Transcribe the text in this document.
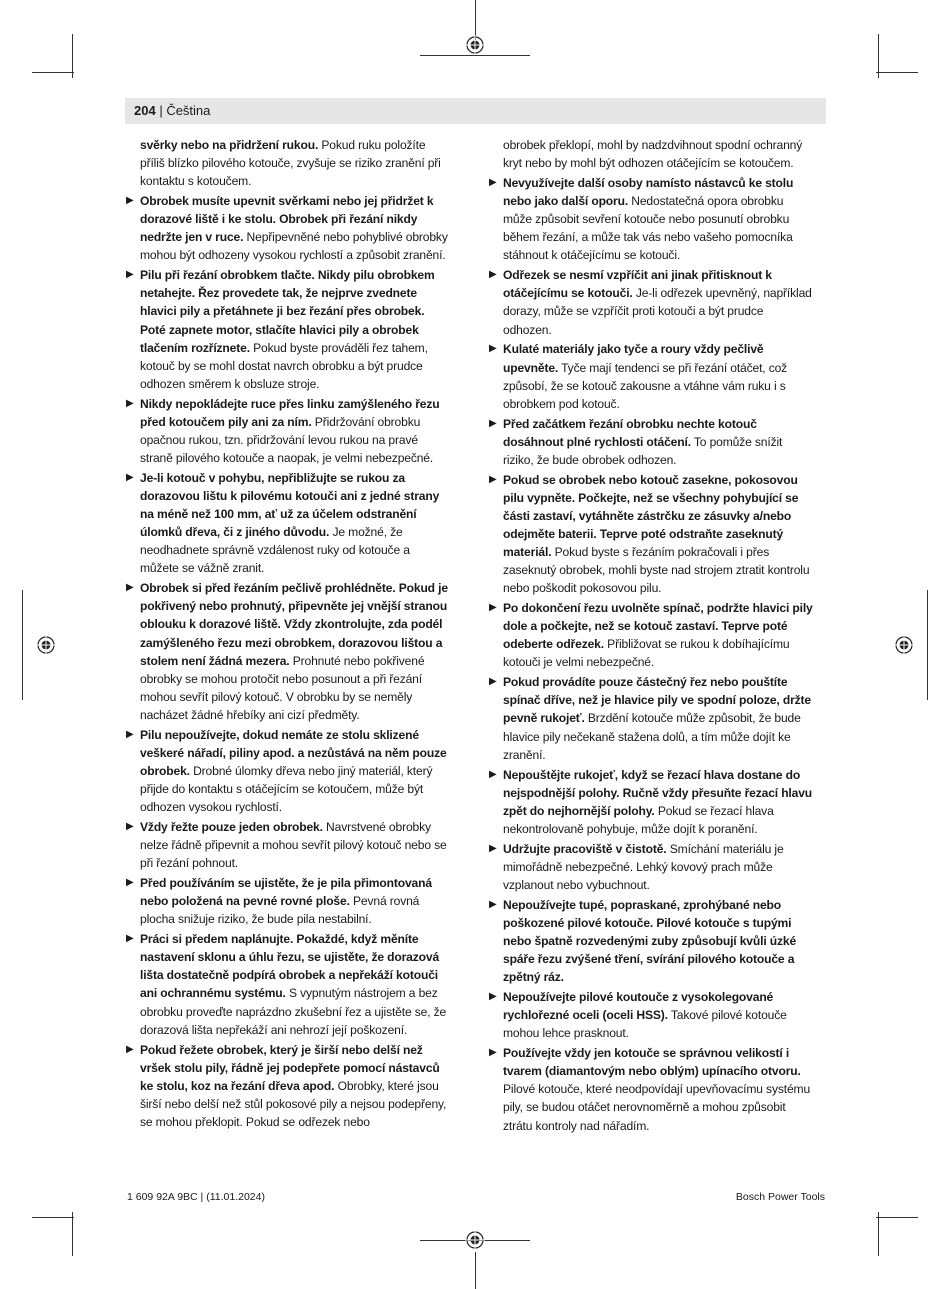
204 | Čeština
svěrky nebo na přidržení rukou. Pokud ruku položíte příliš blízko pilového kotouče, zvyšuje se riziko zranění při kontaktu s kotoučem.
▶ Obrobek musíte upevnit svěrkami nebo jej přidržet k dorazové liště i ke stolu. Obrobek při řezání nikdy nedržte jen v ruce. Nepřipevněné nebo pohyblivé obrobky mohou být odhozeny vysokou rychlostí a způsobit zranění.
▶ Pilu při řezání obrobkem tlačte. Nikdy pilu obrobkem netahejte. Řez provedete tak, že nejprve zvednete hlavici pily a přetáhnete ji bez řezání přes obrobek. Poté zapnete motor, stlačíte hlavici pily a obrobek tlačením rozříznete. Pokud byste prováděli řez tahem, kotouč by se mohl dostat navrch obrobku a být prudce odhozen směrem k obsluze stroje.
▶ Nikdy nepokládejte ruce přes linku zamýšleného řezu před kotoučem pily ani za ním. Přidržování obrobku opačnou rukou, tzn. přidržování levou rukou na pravé straně pilového kotouče a naopak, je velmi nebezpečné.
▶ Je-li kotouč v pohybu, nepřibližujte se rukou za dorazovou lištu k pilovému kotouči ani z jedné strany na méně než 100 mm, ať už za účelem odstranění úlomků dřeva, či z jiného důvodu. Je možné, že neodhadnete správně vzdálenost ruky od kotouče a můžete se vážně zranit.
▶ Obrobek si před řezáním pečlivě prohlédněte. Pokud je pokřivený nebo prohnutý, připevněte jej vnější stranou oblouku k dorazové liště. Vždy zkontrolujte, zda podél zamýšleného řezu mezi obrobkem, dorazovou lištou a stolem není žádná mezera. Prohnuté nebo pokřivené obrobky se mohou protočit nebo posunout a při řezání mohou sevřít pilový kotouč. V obrobku by se neměly nacházet žádné hřebíky ani cizí předměty.
▶ Pilu nepoužívejte, dokud nemáte ze stolu sklizené veškeré nářadí, piliny apod. a nezůstává na něm pouze obrobek. Drobné úlomky dřeva nebo jiný materiál, který přijde do kontaktu s otáčejícím se kotoučem, může být odhozen vysokou rychlostí.
▶ Vždy řežte pouze jeden obrobek. Navrstvené obrobky nelze řádně připevnit a mohou sevřít pilový kotouč nebo se při řezání pohnout.
▶ Před používáním se ujistěte, že je pila přimontovaná nebo položená na pevné rovné ploše. Pevná rovná plocha snižuje riziko, že bude pila nestabilní.
▶ Práci si předem naplánujte. Pokaždé, když měníte nastavení sklonu a úhlu řezu, se ujistěte, že dorazová lišta dostatečně podpírá obrobek a nepřekáží kotouči ani ochrannému systému. S vypnutým nástrojem a bez obrobku proveďte naprázdno zkušební řez a ujistěte se, že dorazová lišta nepřekáží ani nehrozí její poškození.
▶ Pokud řežete obrobek, který je širší nebo delší než vršek stolu pily, řádně jej podepřete pomocí nástavců ke stolu, koz na řezání dřeva apod. Obrobky, které jsou širší nebo delší než stůl pokosové pily a nejsou podepřeny, se mohou překlopit. Pokud se odřezek nebo
obrobek překlopí, mohl by nadzdvihnout spodní ochranný kryt nebo by mohl být odhozen otáčejícím se kotoučem.
▶ Nevyužívejte další osoby namísto nástavců ke stolu nebo jako další oporu. Nedostatečná opora obrobku může způsobit sevření kotouče nebo posunutí obrobku během řezání, a může tak vás nebo vašeho pomocníka stáhnout k otáčejícímu se kotouči.
▶ Odřezek se nesmí vzpříčit ani jinak přitisknout k otáčejícímu se kotouči. Je-li odřezek upevněný, například dorazy, může se vzpříčit proti kotouči a být prudce odhozen.
▶ Kulaté materiály jako tyče a roury vždy pečlivě upevněte. Tyče mají tendenci se při řezání otáčet, což způsobí, že se kotouč zakousne a vtáhne vám ruku i s obrobkem pod kotouč.
▶ Před začátkem řezání obrobku nechte kotouč dosáhnout plné rychlosti otáčení. To pomůže snížit riziko, že bude obrobek odhozen.
▶ Pokud se obrobek nebo kotouč zasekne, pokosovou pilu vypněte. Počkejte, než se všechny pohybující se části zastaví, vytáhněte zástrčku ze zásuvky a/nebo odejměte baterii. Teprve poté odstraňte zaseknutý materiál. Pokud byste s řezáním pokračovali i přes zaseknutý obrobek, mohli byste nad strojem ztratit kontrolu nebo poškodit pokosovou pilu.
▶ Po dokončení řezu uvolněte spínač, podržte hlavici pily dole a počkejte, než se kotouč zastaví. Teprve poté odeberte odřezek. Přibližovat se rukou k dobíhajícímu kotouči je velmi nebezpečné.
▶ Pokud provádíte pouze částečný řez nebo pouštíte spínač dříve, než je hlavice pily ve spodní poloze, držte pevně rukojeť. Brzdění kotouče může způsobit, že bude hlavice pily nečekaně stažena dolů, a tím může dojít ke zranění.
▶ Nepouštějte rukojeť, když se řezací hlava dostane do nejspodnější polohy. Ručně vždy přesuňte řezací hlavu zpět do nejhornější polohy. Pokud se řezací hlava nekontrolovaně pohybuje, může dojít k poranění.
▶ Udržujte pracoviště v čistotě. Smíchání materiálu je mimořádně nebezpečné. Lehký kovový prach může vzplanout nebo vybuchnout.
▶ Nepoužívejte tupé, popraskané, zprohýbané nebo poškozené pilové kotouče. Pilové kotouče s tupými nebo špatně rozvedenými zuby způsobují kvůli úzké spáře řezu zvýšené tření, svírání pilového kotouče a zpětný ráz.
▶ Nepoužívejte pilové koutouče z vysokolegované rychlořezné oceli (oceli HSS). Takové pilové kotouče mohou lehce prasknout.
▶ Používejte vždy jen kotouče se správnou velikostí i tvarem (diamantovým nebo oblým) upínacího otvoru. Pilové kotouče, které neodpovídají upevňovacímu systému pily, se budou otáčet nerovnoměrně a mohou způsobit ztrátu kontroly nad nářadím.
1 609 92A 9BC | (11.01.2024)	Bosch Power Tools
